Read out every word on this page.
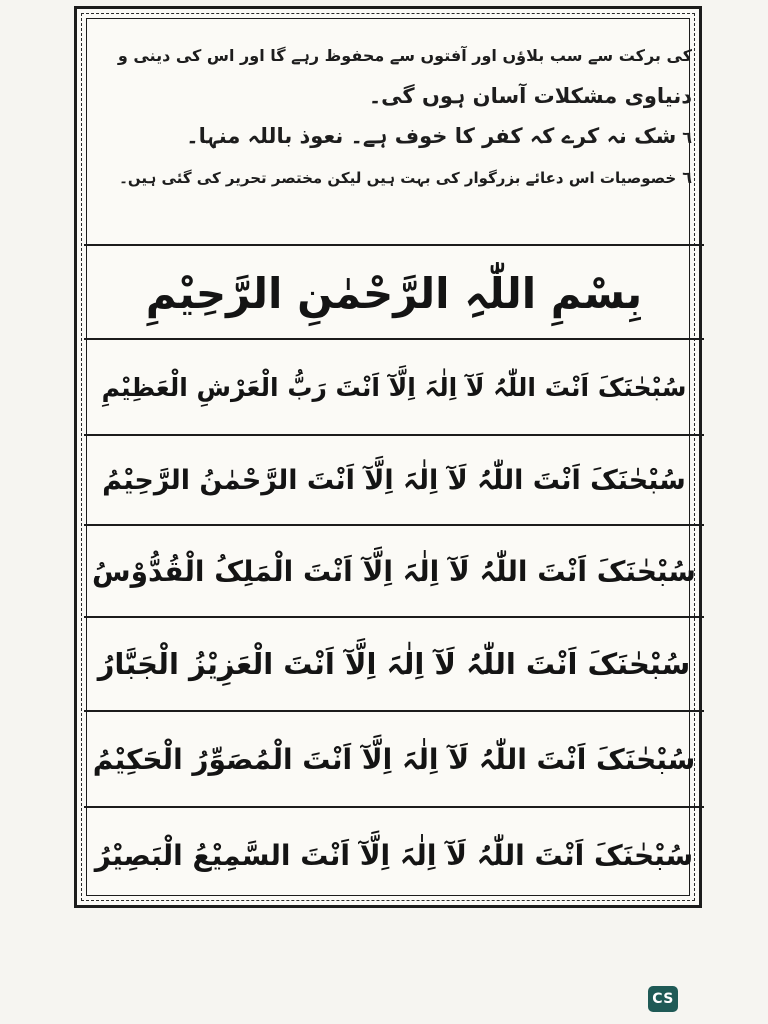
کی برکت سے سب بلاؤں اور آفتوں سے محفوظ رہے گا اور اس کی دینی و

دنیاوی مشکلات آسان ہوں گی۔

٦شک نہ کرے کہ کفر کا خوف ہے۔ نعوذ باللہ منہا۔

٦خصوصیات اس دعائے بزرگوار کی بہت ہیں لیکن مختصر تحریر کی گئی ہیں۔

بِسْمِ اللّٰہِ الرَّحْمٰنِ الرَّحِیْمِ
سُبْحٰنَکَ اَنْتَ اللّٰہُ لَآ اِلٰہَ اِلَّآ اَنْتَ رَبُّ الْعَرْشِ الْعَظِیْمِ
سُبْحٰنَکَ اَنْتَ اللّٰہُ لَآ اِلٰہَ اِلَّآ اَنْتَ الرَّحْمٰنُ الرَّحِیْمُ
سُبْحٰنَکَ اَنْتَ اللّٰہُ لَآ اِلٰہَ اِلَّآ اَنْتَ الْمَلِکُ الْقُدُّوْسُ
سُبْحٰنَکَ اَنْتَ اللّٰہُ لَآ اِلٰہَ اِلَّآ اَنْتَ الْعَزِیْزُ الْجَبَّارُ
سُبْحٰنَکَ اَنْتَ اللّٰہُ لَآ اِلٰہَ اِلَّآ اَنْتَ الْمُصَوِّرُ الْحَکِیْمُ
سُبْحٰنَکَ اَنْتَ اللّٰہُ لَآ اِلٰہَ اِلَّآ اَنْتَ السَّمِیْعُ الْبَصِیْرُ
CS
